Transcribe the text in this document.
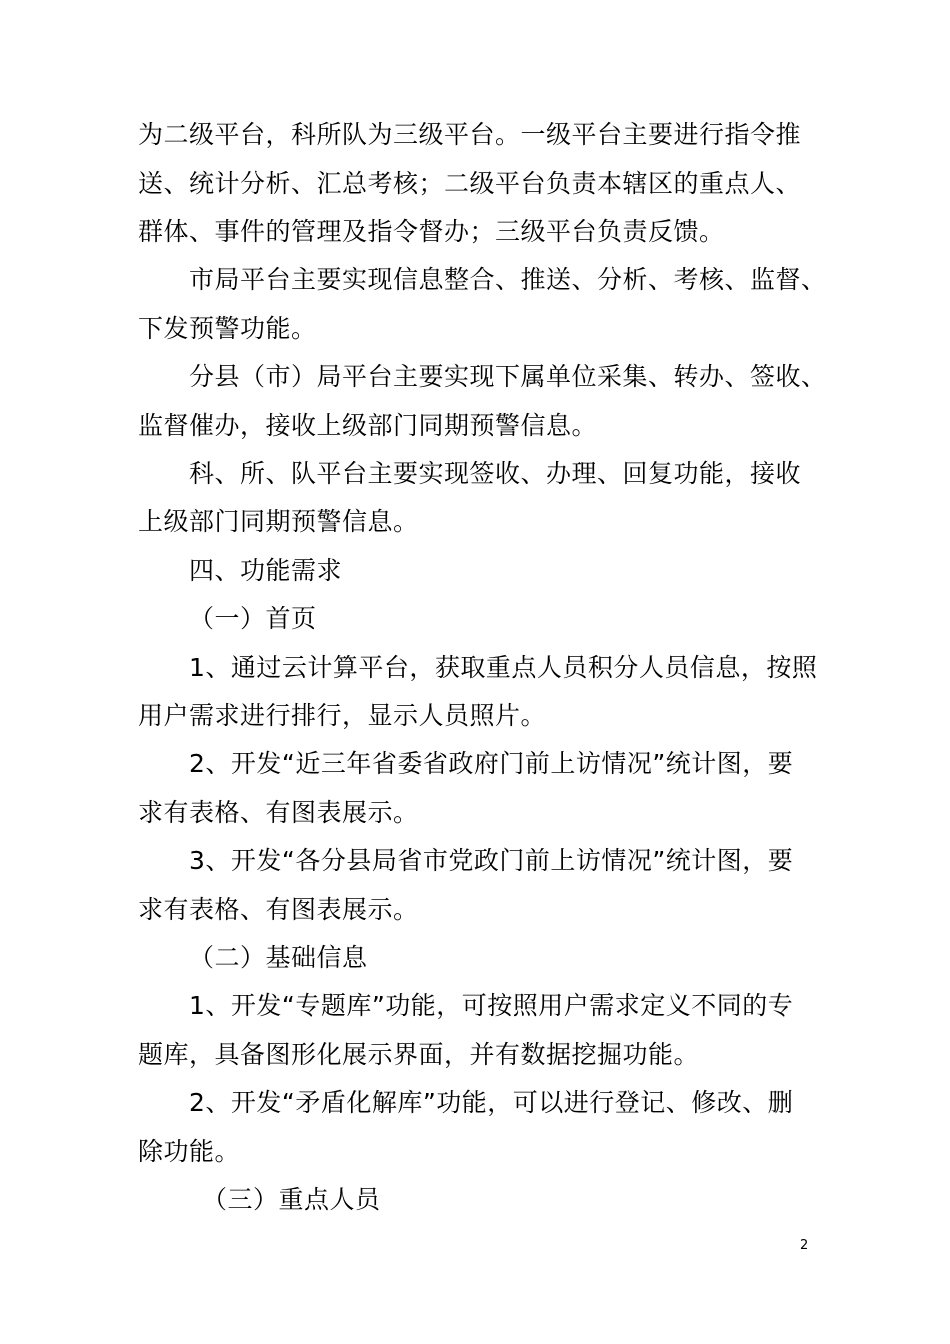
为二级平台，科所队为三级平台。一级平台主要进行指令推
送、统计分析、汇总考核；二级平台负责本辖区的重点人、
群体、事件的管理及指令督办；三级平台负责反馈。
市局平台主要实现信息整合、推送、分析、考核、监督、
下发预警功能。
分县（市）局平台主要实现下属单位采集、转办、签收、
监督催办，接收上级部门同期预警信息。
科、所、队平台主要实现签收、办理、回复功能，接收
上级部门同期预警信息。
四、功能需求
（一）首页
1、通过云计算平台，获取重点人员积分人员信息，按照
用户需求进行排行，显示人员照片。
2、开发“近三年省委省政府门前上访情况”统计图，要
求有表格、有图表展示。
3、开发“各分县局省市党政门前上访情况”统计图，要
求有表格、有图表展示。
（二）基础信息
1、开发“专题库”功能，可按照用户需求定义不同的专
题库，具备图形化展示界面，并有数据挖掘功能。
2、开发“矛盾化解库”功能，可以进行登记、修改、删
除功能。
（三）重点人员
2
